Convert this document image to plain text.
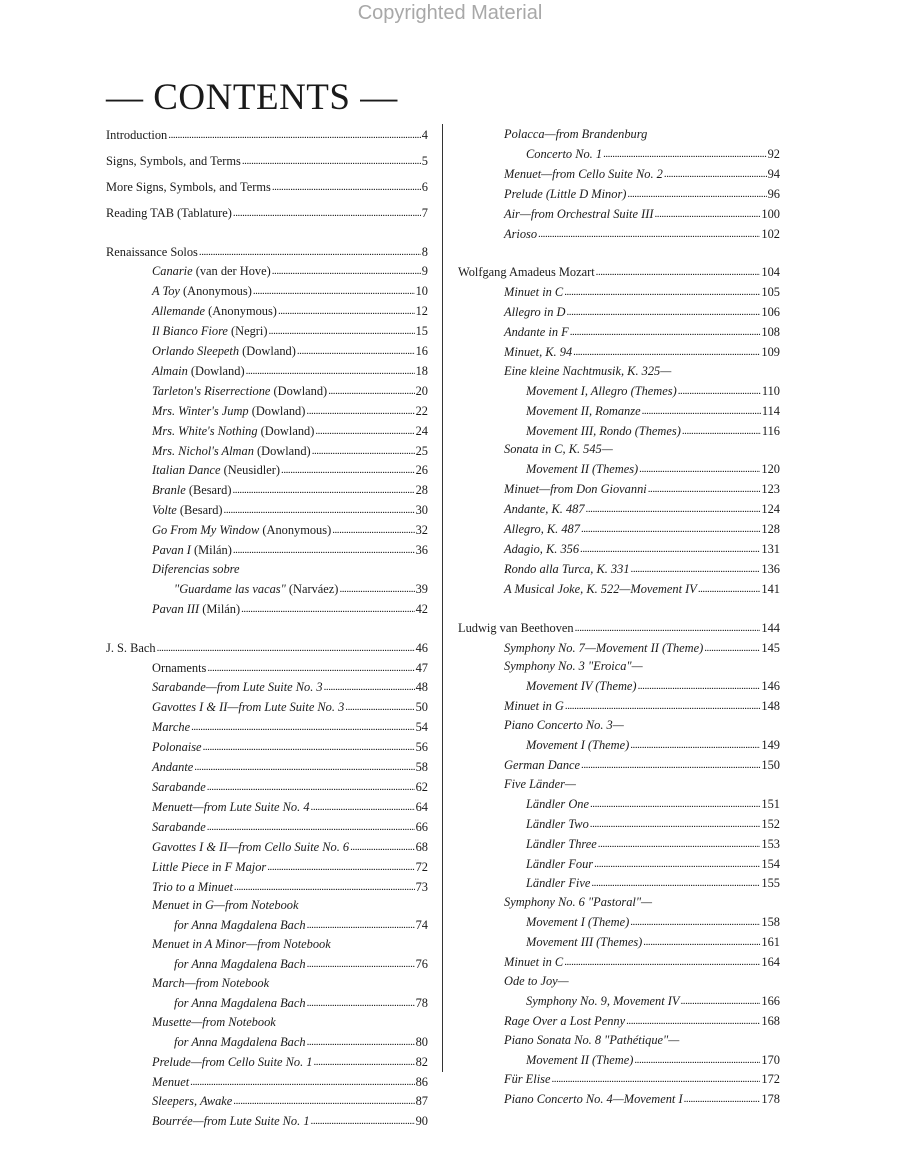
Copyrighted Material
— CONTENTS —
Introduction . . .	4
Signs, Symbols, and Terms . . .	5
More Signs, Symbols, and Terms . . .	6
Reading TAB (Tablature) . . .	7
Renaissance Solos . . .	8
Canarie (van der Hove) . . .	9
A Toy (Anonymous) . . .	10
Allemande (Anonymous) . . .	12
Il Bianco Fiore (Negri) . . .	15
Orlando Sleepeth (Dowland) . . .	16
Almain (Dowland) . . .	18
Tarleton's Riserrectione (Dowland) . . .	20
Mrs. Winter's Jump (Dowland) . . .	22
Mrs. White's Nothing (Dowland) . . .	24
Mrs. Nichol's Alman (Dowland) . . .	25
Italian Dance (Neusidler) . . .	26
Branle (Besard) . . .	28
Volte (Besard) . . .	30
Go From My Window (Anonymous) . . .	32
Pavan I (Milán) . . .	36
Diferencias sobre
"Guardame las vacas" (Narváez) . . .	39
Pavan III (Milán) . . .	42
J. S. Bach . . .	46
Ornaments . . .	47
Sarabande—from Lute Suite No. 3 . . .	48
Gavottes I & II—from Lute Suite No. 3 . . .	50
Marche . . .	54
Polonaise . . .	56
Andante . . .	58
Sarabande . . .	62
Menuett—from Lute Suite No. 4 . . .	64
Sarabande . . .	66
Gavottes I & II—from Cello Suite No. 6 . . .	68
Little Piece in F Major . . .	72
Trio to a Minuet . . .	73
Menuet in G—from Notebook
for Anna Magdalena Bach . . .	74
Menuet in A Minor—from Notebook
for Anna Magdalena Bach . . .	76
March—from Notebook
for Anna Magdalena Bach . . .	78
Musette—from Notebook
for Anna Magdalena Bach . . .	80
Prelude—from Cello Suite No. 1 . . .	82
Menuet . . .	86
Sleepers, Awake . . .	87
Bourrée—from Lute Suite No. 1 . . .	90
Polacca—from Brandenburg
Concerto No. 1 . . .	92
Menuet—from Cello Suite No. 2 . . .	94
Prelude (Little D Minor) . . .	96
Air—from Orchestral Suite III . . .	100
Arioso . . .	102
Wolfgang Amadeus Mozart . . .	104
Minuet in C . . .	105
Allegro in D . . .	106
Andante in F . . .	108
Minuet, K. 94 . . .	109
Eine kleine Nachtmusik, K. 325—
Movement I, Allegro (Themes) . . .	110
Movement II, Romanze . . .	114
Movement III, Rondo (Themes) . . .	116
Sonata in C, K. 545—
Movement II (Themes) . . .	120
Minuet—from Don Giovanni . . .	123
Andante, K. 487 . . .	124
Allegro, K. 487 . . .	128
Adagio, K. 356 . . .	131
Rondo alla Turca, K. 331 . . .	136
A Musical Joke, K. 522—Movement IV . . .	141
Ludwig van Beethoven . . .	144
Symphony No. 7—Movement II (Theme) . . .	145
Symphony No. 3 "Eroica"—
Movement IV (Theme) . . .	146
Minuet in G . . .	148
Piano Concerto No. 3—
Movement I (Theme) . . .	149
German Dance . . .	150
Five Länder—
Ländler One . . .	151
Ländler Two . . .	152
Ländler Three . . .	153
Ländler Four . . .	154
Ländler Five . . .	155
Symphony No. 6 "Pastoral"—
Movement I (Theme) . . .	158
Movement III (Themes) . . .	161
Minuet in C . . .	164
Ode to Joy—
Symphony No. 9, Movement IV . . .	166
Rage Over a Lost Penny . . .	168
Piano Sonata No. 8 "Pathétique"—
Movement II (Theme) . . .	170
Für Elise . . .	172
Piano Concerto No. 4—Movement I . . .	178
